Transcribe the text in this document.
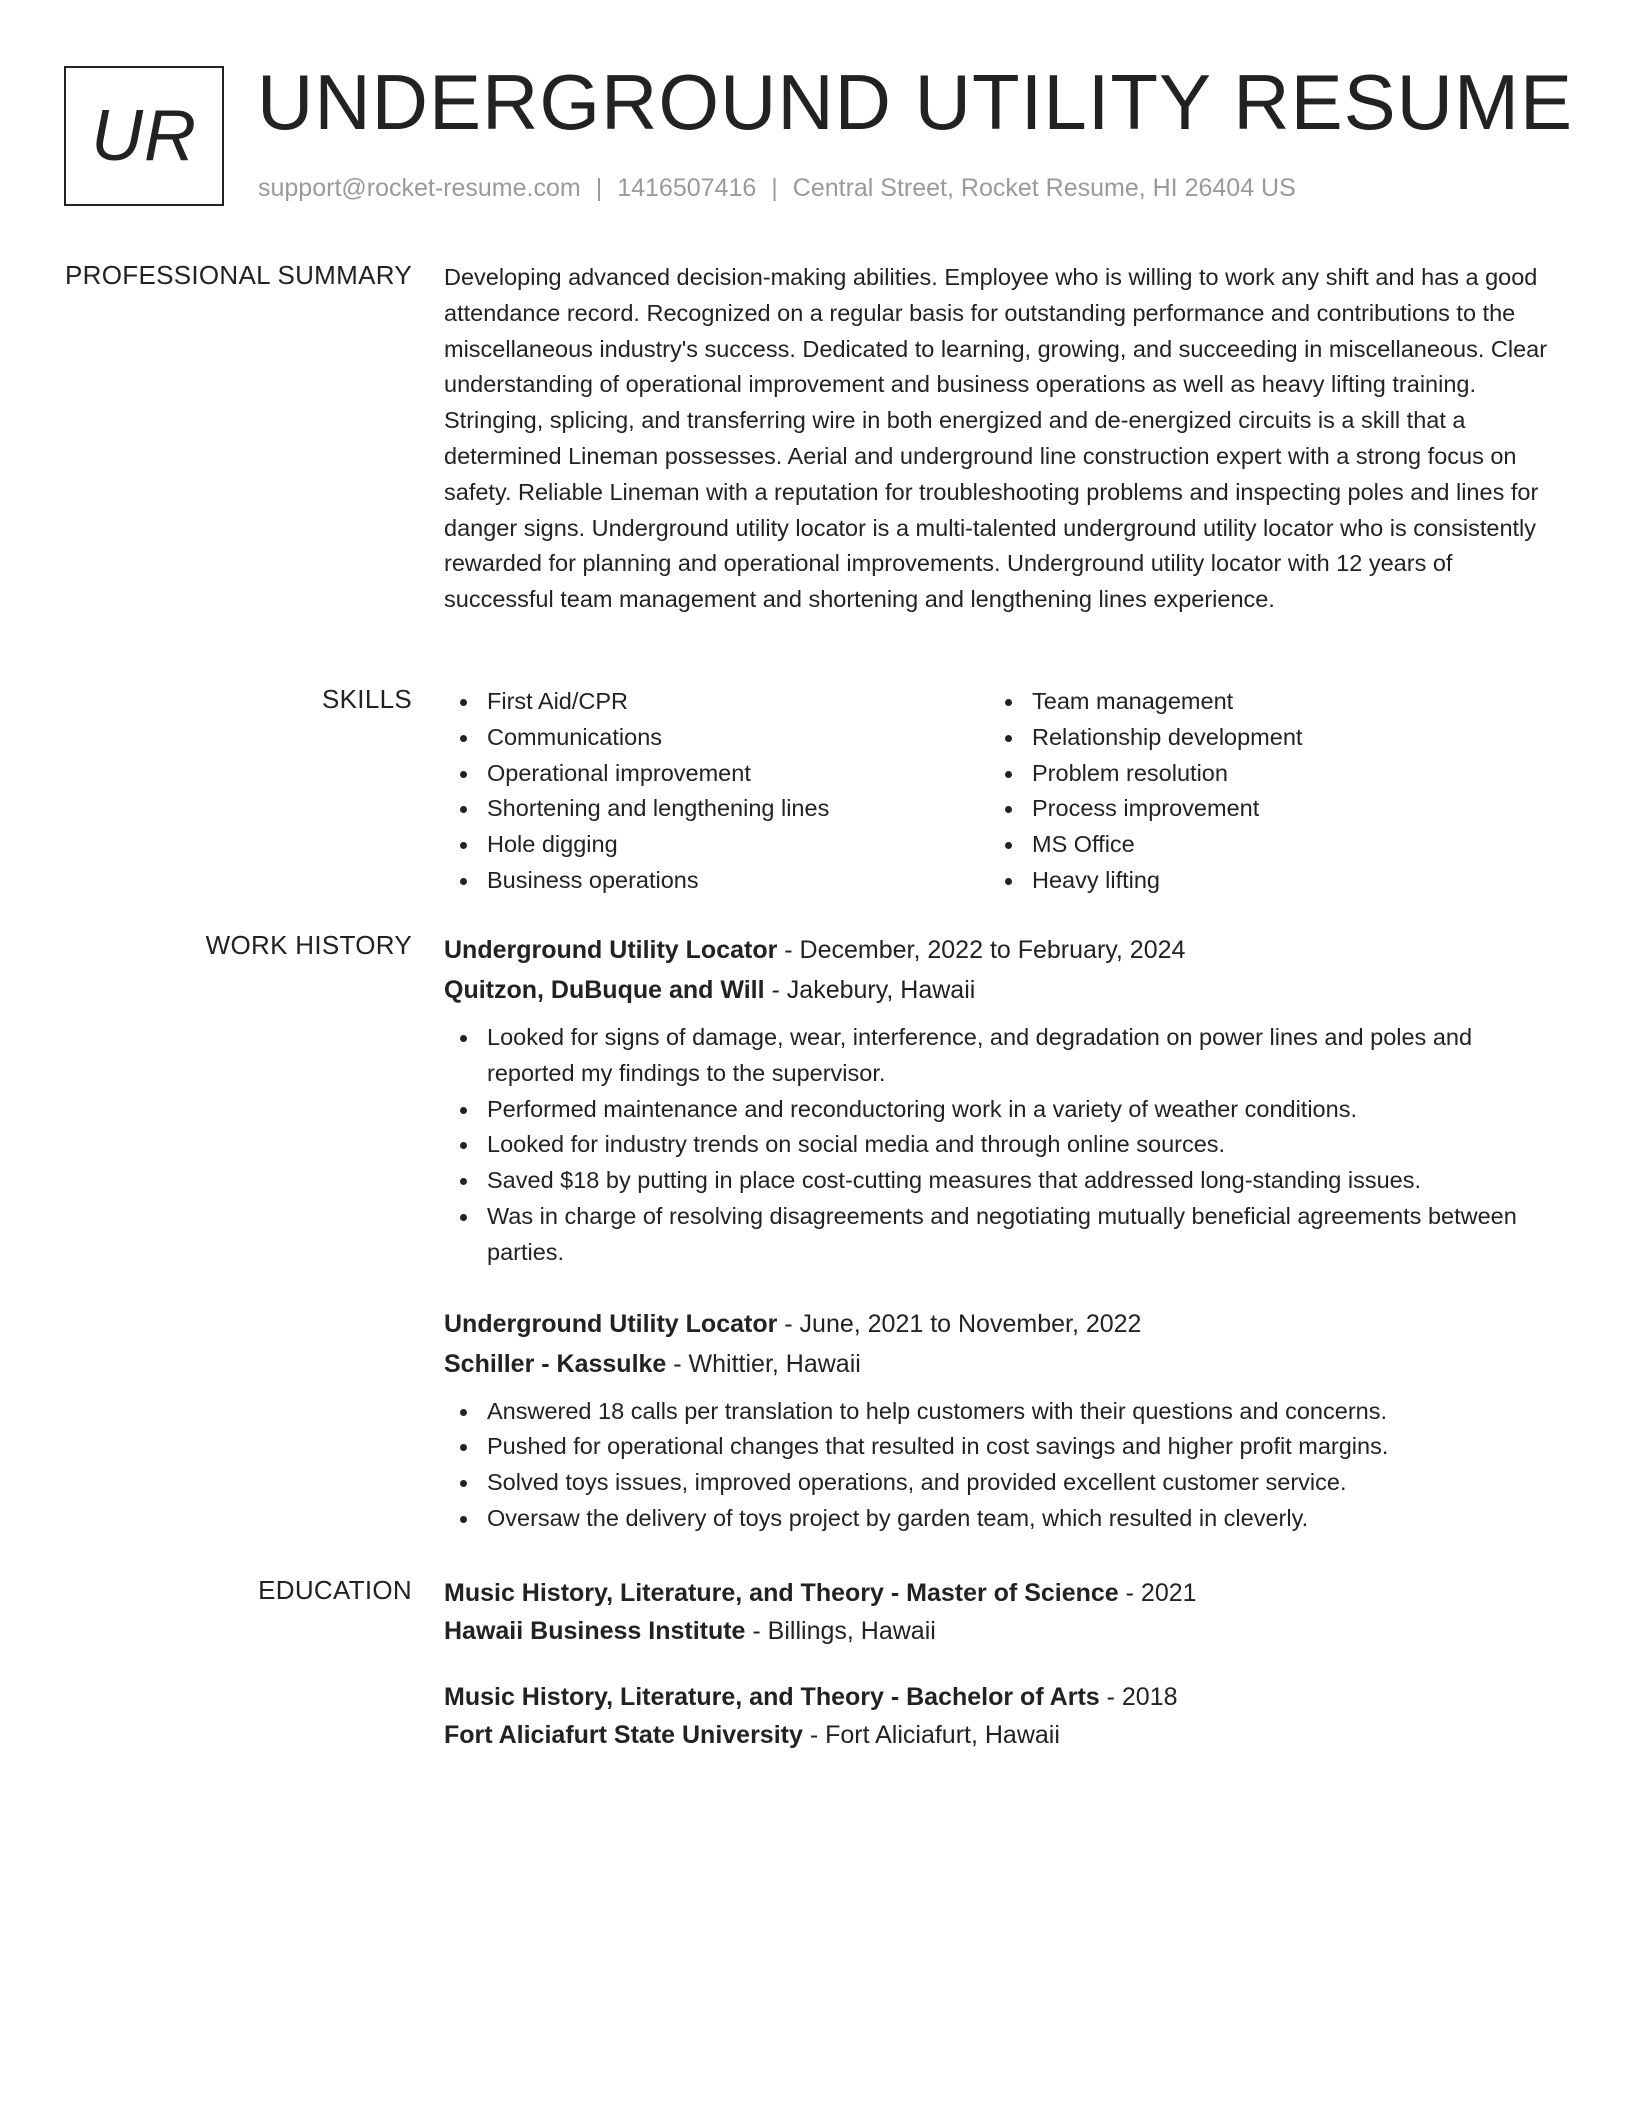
UR UNDERGROUND UTILITY RESUME
support@rocket-resume.com | 1416507416 | Central Street, Rocket Resume, HI 26404 US
PROFESSIONAL SUMMARY Developing advanced decision-making abilities. Employee who is willing to work any shift and has a good attendance record. Recognized on a regular basis for outstanding performance and contributions to the miscellaneous industry's success. Dedicated to learning, growing, and succeeding in miscellaneous. Clear understanding of operational improvement and business operations as well as heavy lifting training. Stringing, splicing, and transferring wire in both energized and de-energized circuits is a skill that a determined Lineman possesses. Aerial and underground line construction expert with a strong focus on safety. Reliable Lineman with a reputation for troubleshooting problems and inspecting poles and lines for danger signs. Underground utility locator is a multi-talented underground utility locator who is consistently rewarded for planning and operational improvements. Underground utility locator with 12 years of successful team management and shortening and lengthening lines experience.

SKILLS	First Aid/CPR
Communications
Operational improvement
Shortening and lengthening lines
Hole digging
Business operations
Team management
Relationship development
Problem resolution
Process improvement
MS Office
Heavy lifting
WORK HISTORY Underground Utility Locator - December, 2022 to February, 2024
Quitzon, DuBuque and Will - Jakebury, Hawaii
Looked for signs of damage, wear, interference, and degradation on power lines and poles and reported my findings to the supervisor.
Performed maintenance and reconductoring work in a variety of weather conditions.
Looked for industry trends on social media and through online sources.
Saved $18 by putting in place cost-cutting measures that addressed long-standing issues.
Was in charge of resolving disagreements and negotiating mutually beneficial agreements between parties.
Underground Utility Locator - June, 2021 to November, 2022
Schiller - Kassulke - Whittier, Hawaii
Answered 18 calls per translation to help customers with their questions and concerns.
Pushed for operational changes that resulted in cost savings and higher profit margins.
Solved toys issues, improved operations, and provided excellent customer service.
Oversaw the delivery of toys project by garden team, which resulted in cleverly.
EDUCATION Music History, Literature, and Theory - Master of Science - 2021
Hawaii Business Institute - Billings, Hawaii
Music History, Literature, and Theory - Bachelor of Arts - 2018
Fort Aliciafurt State University - Fort Aliciafurt, Hawaii
